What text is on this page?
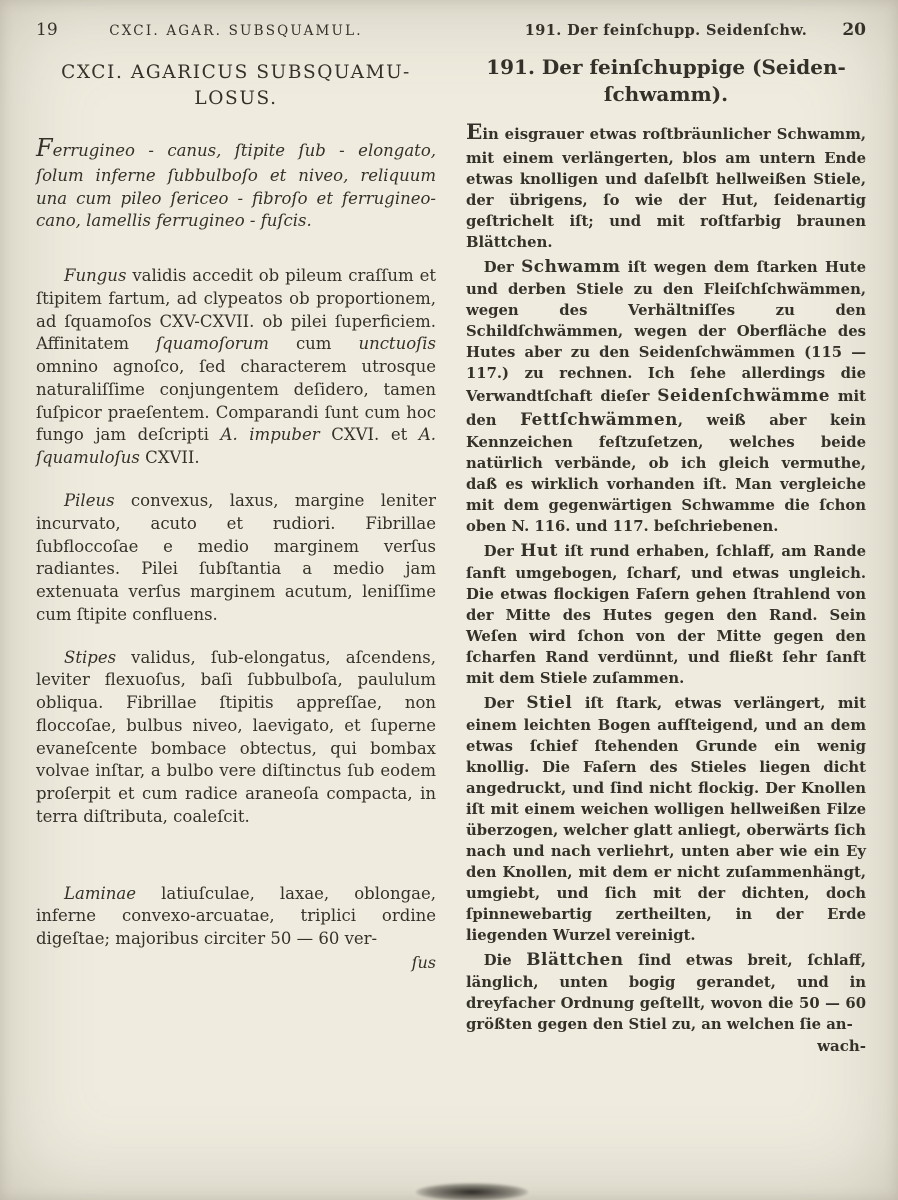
19	CXCI. AGAR. SUBSQUAMUL.
CXCI. AGARICUS SUBSQUAMU-
LOSUS.

Ferrugineo - canus, ſtipite ſub - elongato, ſolum inferne ſubbulboſo et niveo, reliquum una cum pileo ſericeo - fibroſo et ferrugineo-cano, lamellis ferrugineo - fuſcis.

Fungus validis accedit ob pileum craſſum et ſtipitem fartum, ad clypeatos ob proportionem, ad ſquamoſos CXV-CXVII. ob pilei ſuperficiem. Affinitatem ſquamoſorum cum unctuoſis omnino agnoſco, ſed characterem utrosque naturaliſſime conjungentem deſidero, tamen ſuſpicor praeſentem. Comparandi ſunt cum hoc fungo jam deſcripti A. impuber CXVI. et A. ſquamuloſus CXVII.

Pileus convexus, laxus, margine leniter incurvato, acuto et rudiori. Fibrillae ſubfloccoſae e medio marginem verſus radiantes. Pilei ſubſtantia a medio jam extenuata verſus marginem acutum, leniſſime cum ſtipite confluens.

Stipes validus, ſub-elongatus, aſcendens, leviter flexuoſus, baſi ſubbulboſa, paululum obliqua. Fibrillae ſtipitis appreſſae, non floccoſae, bulbus niveo, laevigato, et ſuperne evaneſcente bombace obtectus, qui bombax volvae inſtar, a bulbo vere diſtinctus ſub eodem proſerpit et cum radice araneoſa compacta, in terra diſtributa, coaleſcit.

Laminae latiuſculae, laxae, oblongae, inferne convexo-arcuatae, triplici ordine digeſtae; majoribus circiter 50 — 60 ver-

ſus
191. Der feinſchupp. Seidenſchw.	20
191. Der feinſchuppige (Seiden-
ſchwamm).

Ein eisgrauer etwas roſtbräunlicher Schwamm, mit einem verlängerten, blos am untern Ende etwas knolligen und daſelbſt hellweißen Stiele, der übrigens, ſo wie der Hut, ſeidenartig geſtrichelt iſt; und mit roſtfarbig braunen Blättchen.

Der Schwamm iſt wegen dem ſtarken Hute und derben Stiele zu den Fleiſchſchwämmen, wegen des Verhältniſſes zu den Schildſchwämmen, wegen der Oberfläche des Hutes aber zu den Seidenſchwämmen (115 — 117.) zu rechnen. Ich ſehe allerdings die Verwandtſchaft dieſer Seidenſchwämme mit den Fettſchwämmen, weiß aber kein Kennzeichen feſtzuſetzen, welches beide natürlich verbände, ob ich gleich vermuthe, daß es wirklich vorhanden iſt. Man vergleiche mit dem gegenwärtigen Schwamme die ſchon oben N. 116. und 117. beſchriebenen.

Der Hut iſt rund erhaben, ſchlaff, am Rande ſanft umgebogen, ſcharf, und etwas ungleich. Die etwas flockigen Faſern gehen ſtrahlend von der Mitte des Hutes gegen den Rand. Sein Weſen wird ſchon von der Mitte gegen den ſcharfen Rand verdünnt, und fließt ſehr ſanft mit dem Stiele zuſammen.

Der Stiel iſt ſtark, etwas verlängert, mit einem leichten Bogen aufſteigend, und an dem etwas ſchief ſtehenden Grunde ein wenig knollig. Die Faſern des Stieles liegen dicht angedruckt, und ſind nicht flockig. Der Knollen iſt mit einem weichen wolligen hellweißen Filze überzogen, welcher glatt anliegt, oberwärts ſich nach und nach verliehrt, unten aber wie ein Ey den Knollen, mit dem er nicht zuſammenhängt, umgiebt, und ſich mit der dichten, doch ſpinnewebartig zertheilten, in der Erde liegenden Wurzel vereinigt.

Die Blättchen ſind etwas breit, ſchlaff, länglich, unten bogig gerandet, und in dreyfacher Ordnung geſtellt, wovon die 50 — 60 größten gegen den Stiel zu, an welchen ſie an-

wach-
